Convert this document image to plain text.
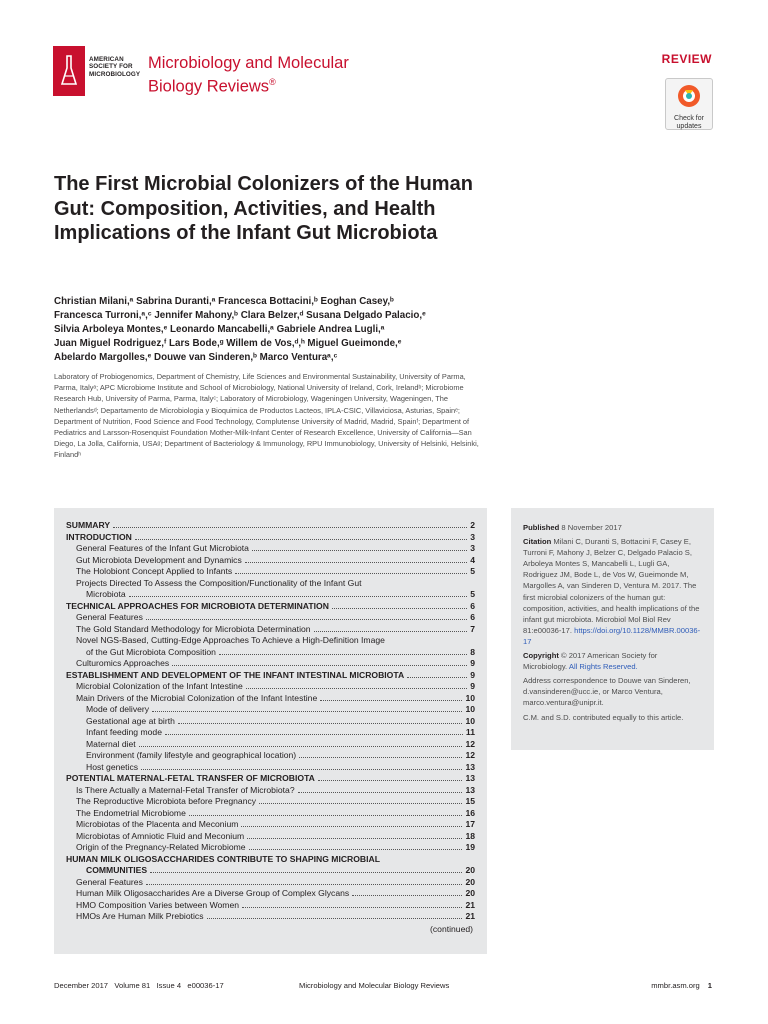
AMERICAN
SOCIETY FOR
MICROBIOLOGY
Microbiology and Molecular
Biology Reviews®
REVIEW
Check for
updates
The First Microbial Colonizers of the Human Gut: Composition, Activities, and Health Implications of the Infant Gut Microbiota
Christian Milani,ᵃ Sabrina Duranti,ᵃ Francesca Bottacini,ᵇ Eoghan Casey,ᵇ
Francesca Turroni,ᵃ,ᶜ Jennifer Mahony,ᵇ Clara Belzer,ᵈ Susana Delgado Palacio,ᵉ
Silvia Arboleya Montes,ᵉ Leonardo Mancabelli,ᵃ Gabriele Andrea Lugli,ᵃ
Juan Miguel Rodriguez,ᶠ Lars Bode,ᵍ Willem de Vos,ᵈ,ʰ Miguel Gueimonde,ᵉ
Abelardo Margolles,ᵉ Douwe van Sinderen,ᵇ Marco Venturaᵃ,ᶜ
Laboratory of Probiogenomics, Department of Chemistry, Life Sciences and Environmental Sustainability, University of Parma, Parma, Italyᵃ; APC Microbiome Institute and School of Microbiology, National University of Ireland, Cork, Irelandᵇ; Microbiome Research Hub, University of Parma, Parma, Italyᶜ; Laboratory of Microbiology, Wageningen University, Wageningen, The Netherlandsᵈ; Departamento de Microbiologia y Bioquimica de Productos Lacteos, IPLA-CSIC, Villaviciosa, Asturias, Spainᵉ; Department of Nutrition, Food Science and Food Technology, Complutense University of Madrid, Madrid, Spainᶠ; Department of Pediatrics and Larsson-Rosenquist Foundation Mother-Milk-Infant Center of Research Excellence, University of California—San Diego, La Jolla, California, USAᵍ; Department of Bacteriology & Immunology, RPU Immunobiology, University of Helsinki, Helsinki, Finlandʰ
SUMMARY	2
INTRODUCTION	3
General Features of the Infant Gut Microbiota	3
Gut Microbiota Development and Dynamics	4
The Holobiont Concept Applied to Infants	5
Projects Directed To Assess the Composition/Functionality of the Infant Gut
Microbiota	5
TECHNICAL APPROACHES FOR MICROBIOTA DETERMINATION	6
General Features	6
The Gold Standard Methodology for Microbiota Determination	7
Novel NGS-Based, Cutting-Edge Approaches To Achieve a High-Definition Image
of the Gut Microbiota Composition	8
Culturomics Approaches	9
ESTABLISHMENT AND DEVELOPMENT OF THE INFANT INTESTINAL MICROBIOTA	9
Microbial Colonization of the Infant Intestine	9
Main Drivers of the Microbial Colonization of the Infant Intestine	10
Mode of delivery	10
Gestational age at birth	10
Infant feeding mode	11
Maternal diet	12
Environment (family lifestyle and geographical location)	12
Host genetics	13
POTENTIAL MATERNAL-FETAL TRANSFER OF MICROBIOTA	13
Is There Actually a Maternal-Fetal Transfer of Microbiota?	13
The Reproductive Microbiota before Pregnancy	15
The Endometrial Microbiome	16
Microbiotas of the Placenta and Meconium	17
Microbiotas of Amniotic Fluid and Meconium	18
Origin of the Pregnancy-Related Microbiome	19
HUMAN MILK OLIGOSACCHARIDES CONTRIBUTE TO SHAPING MICROBIAL
COMMUNITIES	20
General Features	20
Human Milk Oligosaccharides Are a Diverse Group of Complex Glycans	20
HMO Composition Varies between Women	21
HMOs Are Human Milk Prebiotics	21
(continued)

Published 8 November 2017

Citation Milani C, Duranti S, Bottacini F, Casey E, Turroni F, Mahony J, Belzer C, Delgado Palacio S, Arboleya Montes S, Mancabelli L, Lugli GA, Rodriguez JM, Bode L, de Vos W, Gueimonde M, Margolles A, van Sinderen D, Ventura M. 2017. The first microbial colonizers of the human gut: composition, activities, and health implications of the infant gut microbiota. Microbiol Mol Biol Rev 81:e00036-17. https://doi.org/10.1128/MMBR.00036-17

Copyright © 2017 American Society for Microbiology. All Rights Reserved.

Address correspondence to Douwe van Sinderen, d.vansinderen@ucc.ie, or Marco Ventura, marco.ventura@unipr.it.

C.M. and S.D. contributed equally to this article.

December 2017   Volume 81   Issue 4   e00036-17	Microbiology and Molecular Biology Reviews	mmbr.asm.org 1
